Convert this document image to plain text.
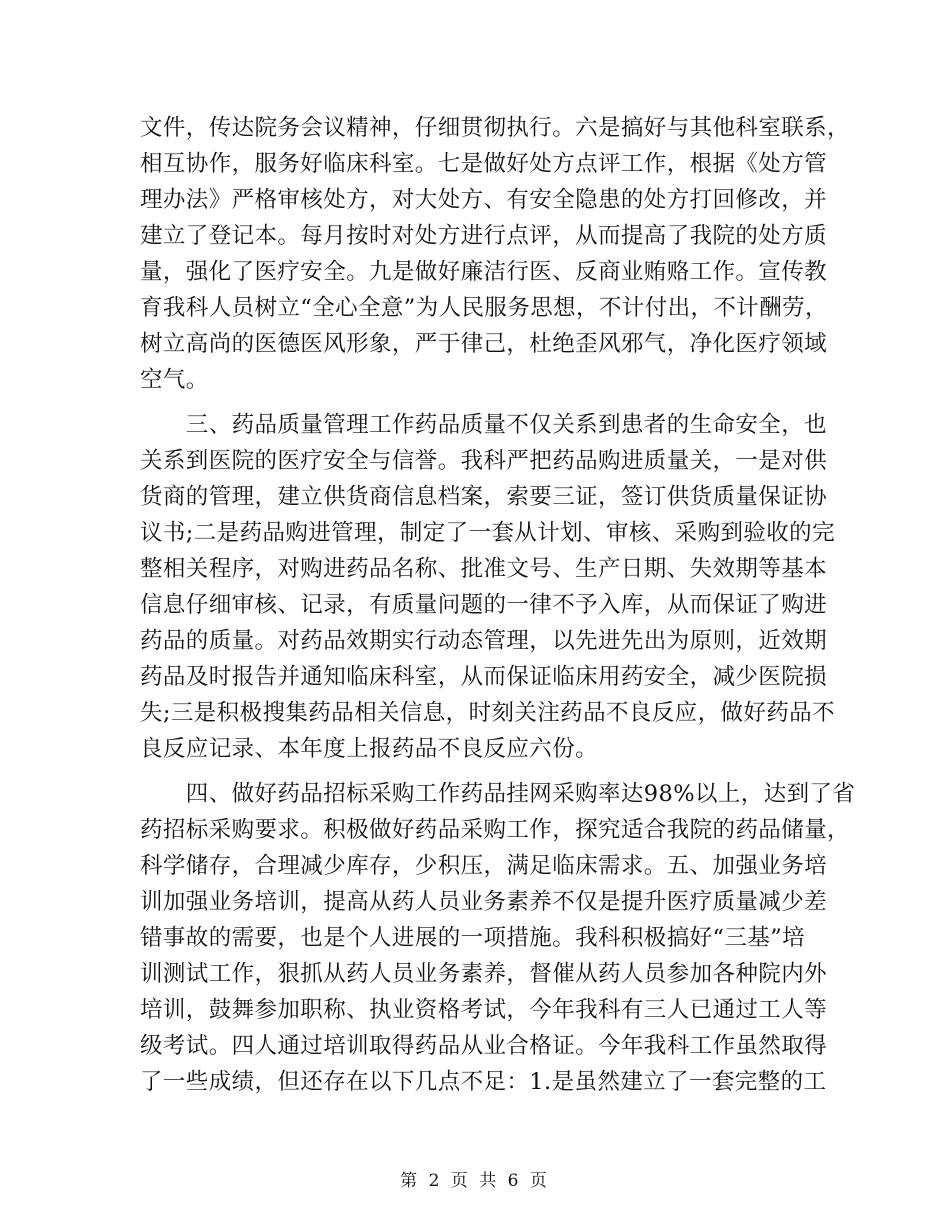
文件，传达院务会议精神，仔细贯彻执行。六是搞好与其他科室联系，
相互协作，服务好临床科室。七是做好处方点评工作，根据《处方管
理办法》严格审核处方，对大处方、有安全隐患的处方打回修改，并
建立了登记本。每月按时对处方进行点评，从而提高了我院的处方质
量，强化了医疗安全。九是做好廉洁行医、反商业贿赂工作。宣传教
育我科人员树立“全心全意”为人民服务思想，不计付出，不计酬劳，
树立高尚的医德医风形象，严于律己，杜绝歪风邪气，净化医疗领域
空气。
　　三、药品质量管理工作药品质量不仅关系到患者的生命安全，也
关系到医院的医疗安全与信誉。我科严把药品购进质量关，一是对供
货商的管理，建立供货商信息档案，索要三证，签订供货质量保证协
议书;二是药品购进管理，制定了一套从计划、审核、采购到验收的完
整相关程序，对购进药品名称、批准文号、生产日期、失效期等基本
信息仔细审核、记录，有质量问题的一律不予入库，从而保证了购进
药品的质量。对药品效期实行动态管理，以先进先出为原则，近效期
药品及时报告并通知临床科室，从而保证临床用药安全，减少医院损
失;三是积极搜集药品相关信息，时刻关注药品不良反应，做好药品不
良反应记录、本年度上报药品不良反应六份。
　　四、做好药品招标采购工作药品挂网采购率达98%以上，达到了省
药招标采购要求。积极做好药品采购工作，探究适合我院的药品储量，
科学储存，合理减少库存，少积压，满足临床需求。五、加强业务培
训加强业务培训，提高从药人员业务素养不仅是提升医疗质量减少差
错事故的需要，也是个人进展的一项措施。我科积极搞好“三基”培
训测试工作，狠抓从药人员业务素养，督催从药人员参加各种院内外
培训，鼓舞参加职称、执业资格考试，今年我科有三人已通过工人等
级考试。四人通过培训取得药品从业合格证。今年我科工作虽然取得
了一些成绩，但还存在以下几点不足：1.是虽然建立了一套完整的工
第 2 页 共 6 页
